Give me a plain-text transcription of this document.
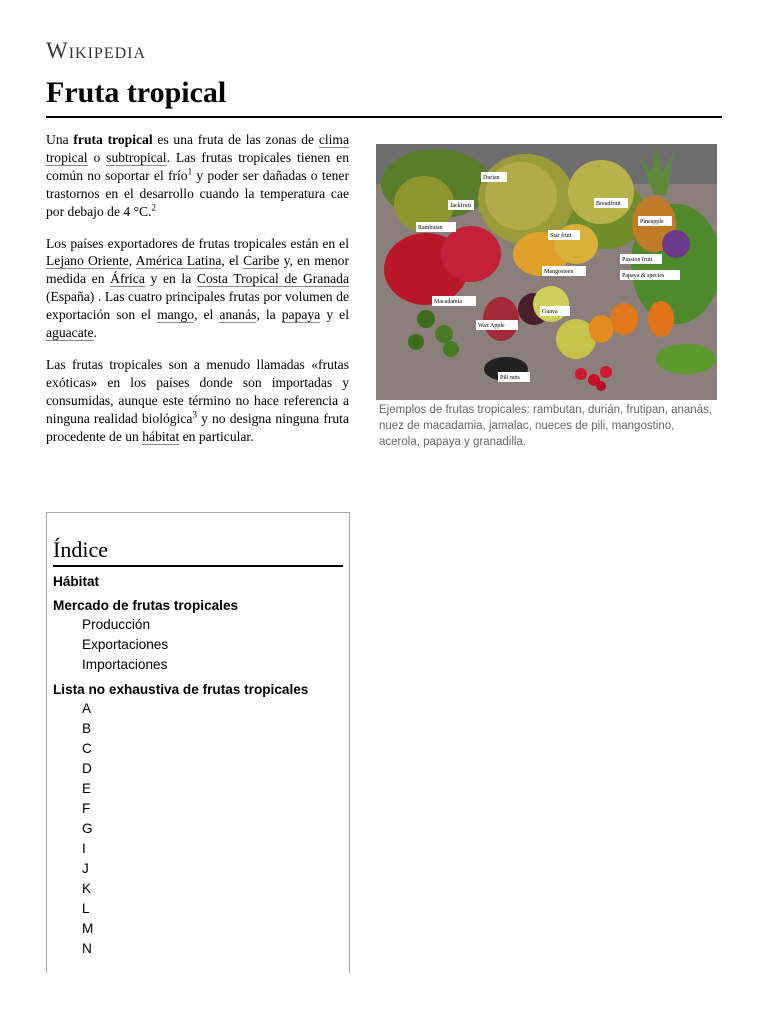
Wikipedia
Fruta tropical

Una fruta tropical es una fruta de las zonas de clima tropical o subtropical. Las frutas tropicales tienen en común no soportar el frío$^1$ y poder ser dañadas o tener trastornos en el desarrollo cuando la temperatura cae por debajo de 4 °C.$^2$

Los países exportadores de frutas tropicales están en el Lejano Oriente, América Latina, el Caribe y, en menor medida en África y en la Costa Tropical de Granada (España) . Las cuatro principales frutas por volumen de exportación son el mango, el ananás, la papaya y el aguacate.

Las frutas tropicales son a menudo llamadas «frutas exóticas» en los países donde son importadas y consumidas, aunque este término no hace referencia a ninguna realidad biológica$^3$ y no designa ninguna fruta procedente de un hábitat en particular.

Durian
Breadfruit
Jackfruit
Pineapple
Rambutan
Star fruit
Mangosteen
Passion fruit
Papaya & species
Macadamia
Guava
Wax Apple
Pili nuts
Ejemplos de frutas tropicales: rambutan, durián, frutipan, ananás, nuez de macadamia, jamalac, nueces de pili, mangostino, acerola, papaya y granadilla.
Índice
Hábitat
Mercado de frutas tropicales
Producción
Exportaciones
Importaciones
Lista no exhaustiva de frutas tropicales
A
B
C
D
E
F
G
I
J
K
L
M
N
